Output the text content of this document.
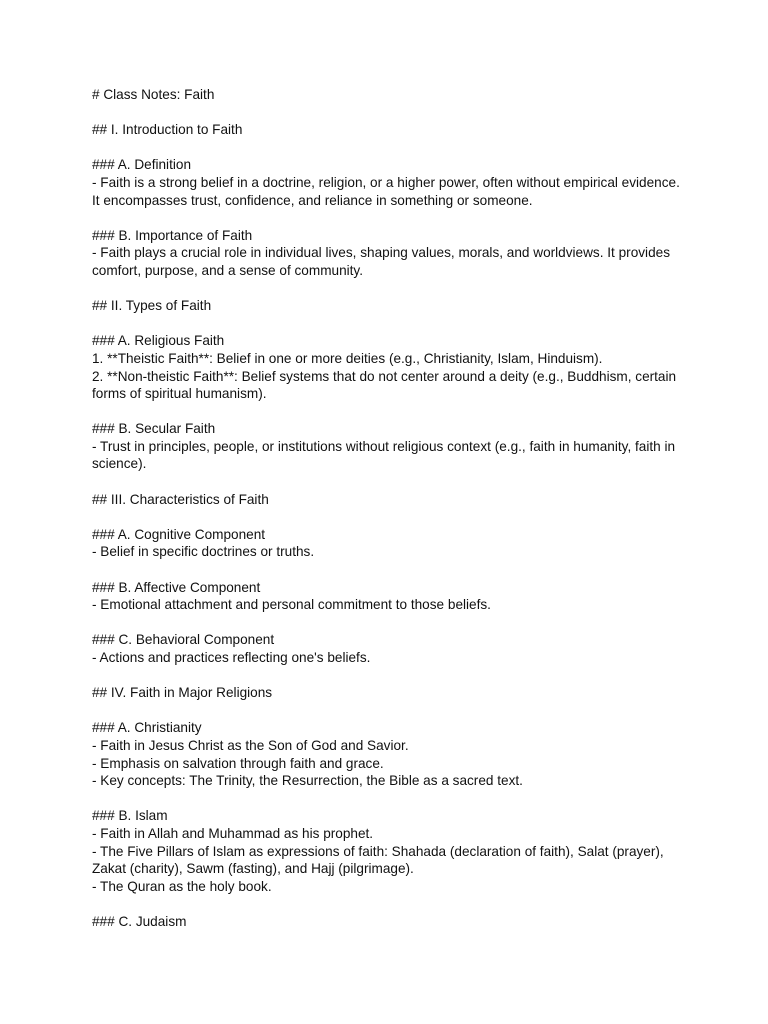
# Class Notes: Faith

## I. Introduction to Faith

### A. Definition

- Faith is a strong belief in a doctrine, religion, or a higher power, often without empirical evidence. It encompasses trust, confidence, and reliance in something or someone.

### B. Importance of Faith

- Faith plays a crucial role in individual lives, shaping values, morals, and worldviews. It provides comfort, purpose, and a sense of community.

## II. Types of Faith

### A. Religious Faith

1. **Theistic Faith**: Belief in one or more deities (e.g., Christianity, Islam, Hinduism).

2. **Non-theistic Faith**: Belief systems that do not center around a deity (e.g., Buddhism, certain forms of spiritual humanism).

### B. Secular Faith

- Trust in principles, people, or institutions without religious context (e.g., faith in humanity, faith in science).

## III. Characteristics of Faith

### A. Cognitive Component

- Belief in specific doctrines or truths.

### B. Affective Component

- Emotional attachment and personal commitment to those beliefs.

### C. Behavioral Component

- Actions and practices reflecting one's beliefs.

## IV. Faith in Major Religions

### A. Christianity

- Faith in Jesus Christ as the Son of God and Savior.

- Emphasis on salvation through faith and grace.

- Key concepts: The Trinity, the Resurrection, the Bible as a sacred text.

### B. Islam

- Faith in Allah and Muhammad as his prophet.

- The Five Pillars of Islam as expressions of faith: Shahada (declaration of faith), Salat (prayer), Zakat (charity), Sawm (fasting), and Hajj (pilgrimage).

- The Quran as the holy book.

### C. Judaism
